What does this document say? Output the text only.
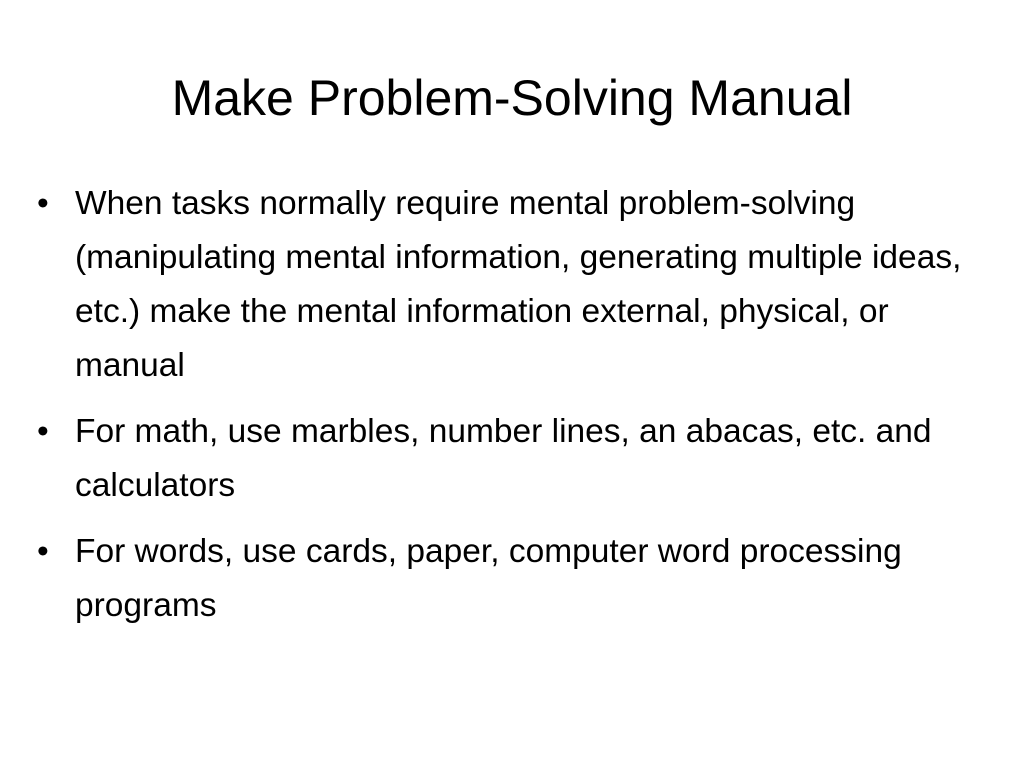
Make Problem-Solving Manual
• When tasks normally require mental problem-solving (manipulating mental information, generating multiple ideas, etc.) make the mental information external, physical, or manual
• For math, use marbles, number lines, an abacas, etc. and calculators
• For words, use cards, paper, computer word processing programs
